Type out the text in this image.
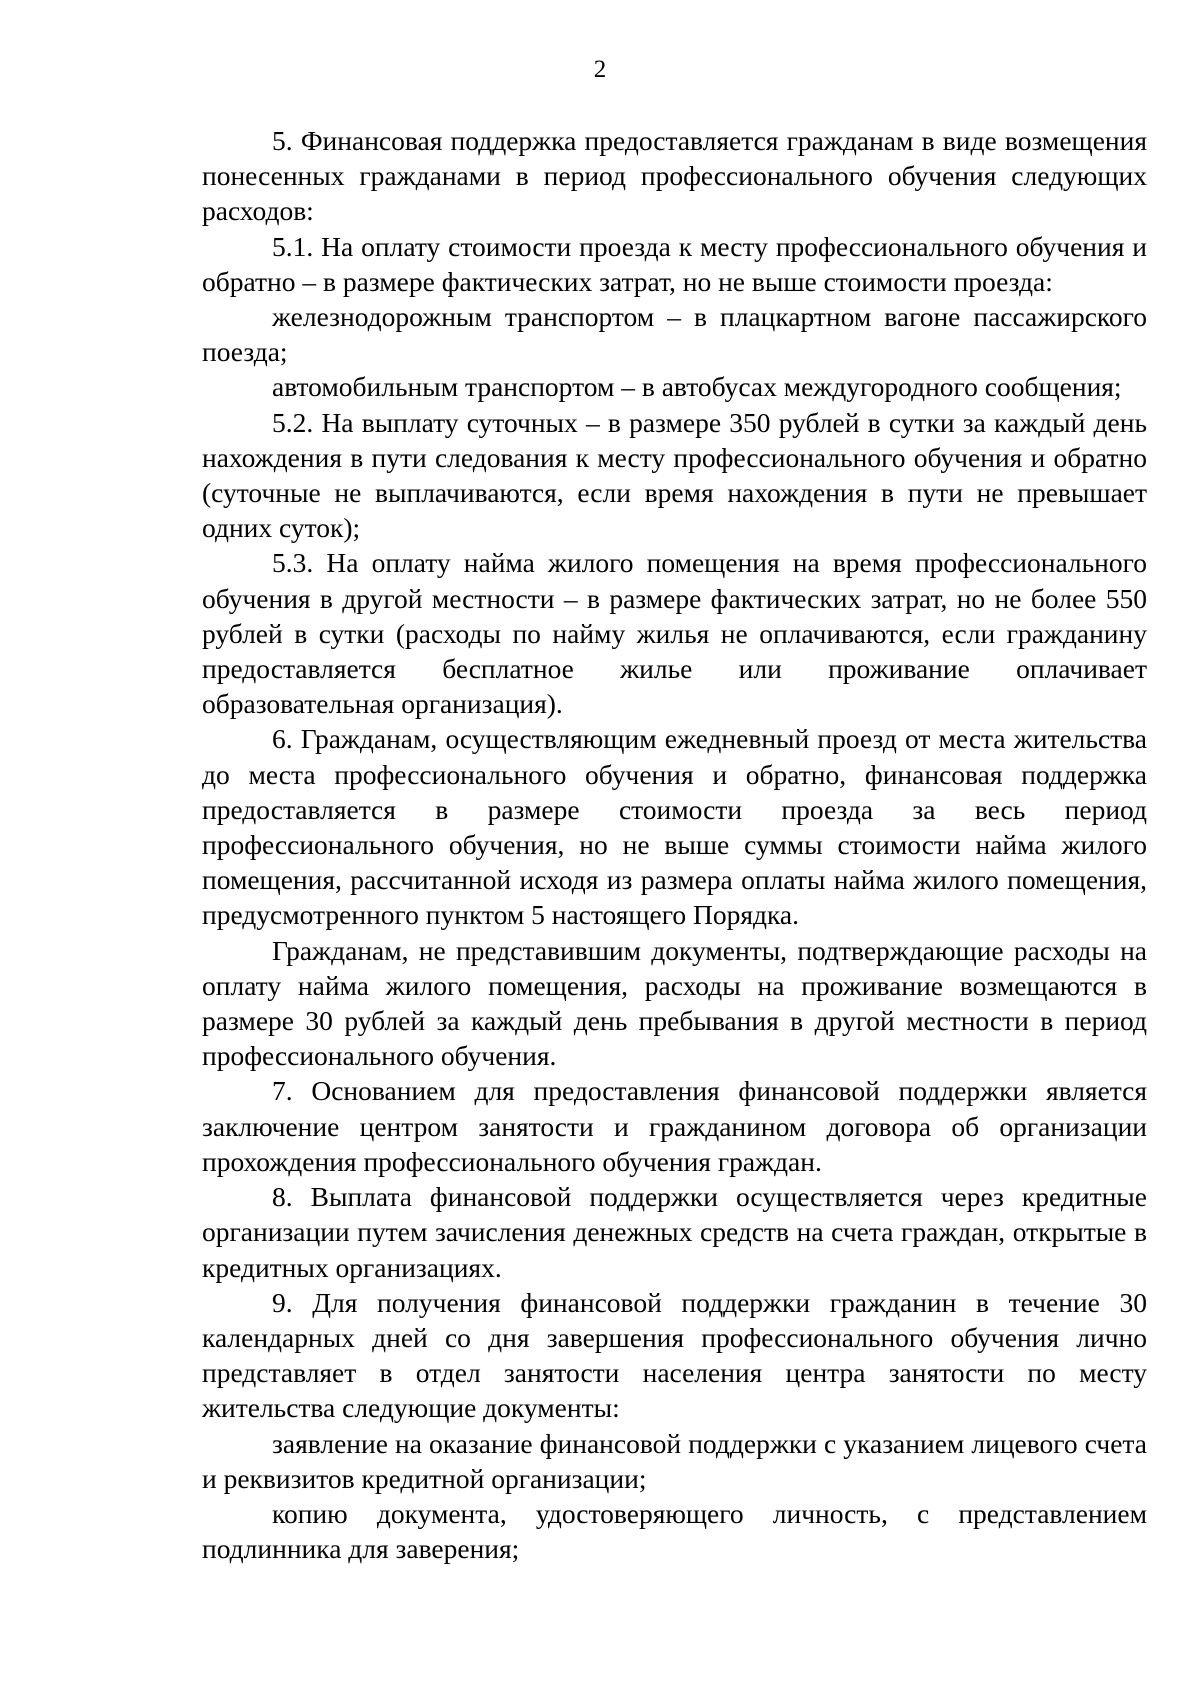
2

5. Финансовая поддержка предоставляется гражданам в виде возмещения понесенных гражданами в период профессионального обучения следующих расходов:

5.1. На оплату стоимости проезда к месту профессионального обучения и обратно – в размере фактических затрат, но не выше стоимости проезда:

железнодорожным транспортом – в плацкартном вагоне пассажирского поезда;

автомобильным транспортом – в автобусах междугородного сообщения;

5.2. На выплату суточных – в размере 350 рублей в сутки за каждый день нахождения в пути следования к месту профессионального обучения и обратно (суточные не выплачиваются, если время нахождения в пути не превышает одних суток);

5.3. На оплату найма жилого помещения на время профессионального обучения в другой местности – в размере фактических затрат, но не более 550 рублей в сутки (расходы по найму жилья не оплачиваются, если гражданину предоставляется бесплатное жилье или проживание оплачивает образовательная организация).

6. Гражданам, осуществляющим ежедневный проезд от места жительства до места профессионального обучения и обратно, финансовая поддержка предоставляется в размере стоимости проезда за весь период профессионального обучения, но не выше суммы стоимости найма жилого помещения, рассчитанной исходя из размера оплаты найма жилого помещения, предусмотренного пунктом 5 настоящего Порядка.

Гражданам, не представившим документы, подтверждающие расходы на оплату найма жилого помещения, расходы на проживание возмещаются в размере 30 рублей за каждый день пребывания в другой местности в период профессионального обучения.

7. Основанием для предоставления финансовой поддержки является заключение центром занятости и гражданином договора об организации прохождения профессионального обучения граждан.

8. Выплата финансовой поддержки осуществляется через кредитные организации путем зачисления денежных средств на счета граждан, открытые в кредитных организациях.

9. Для получения финансовой поддержки гражданин в течение 30 календарных дней со дня завершения профессионального обучения лично представляет в отдел занятости населения центра занятости по месту жительства следующие документы:

заявление на оказание финансовой поддержки с указанием лицевого счета и реквизитов кредитной организации;

копию документа, удостоверяющего личность, с представлением подлинника для заверения;
